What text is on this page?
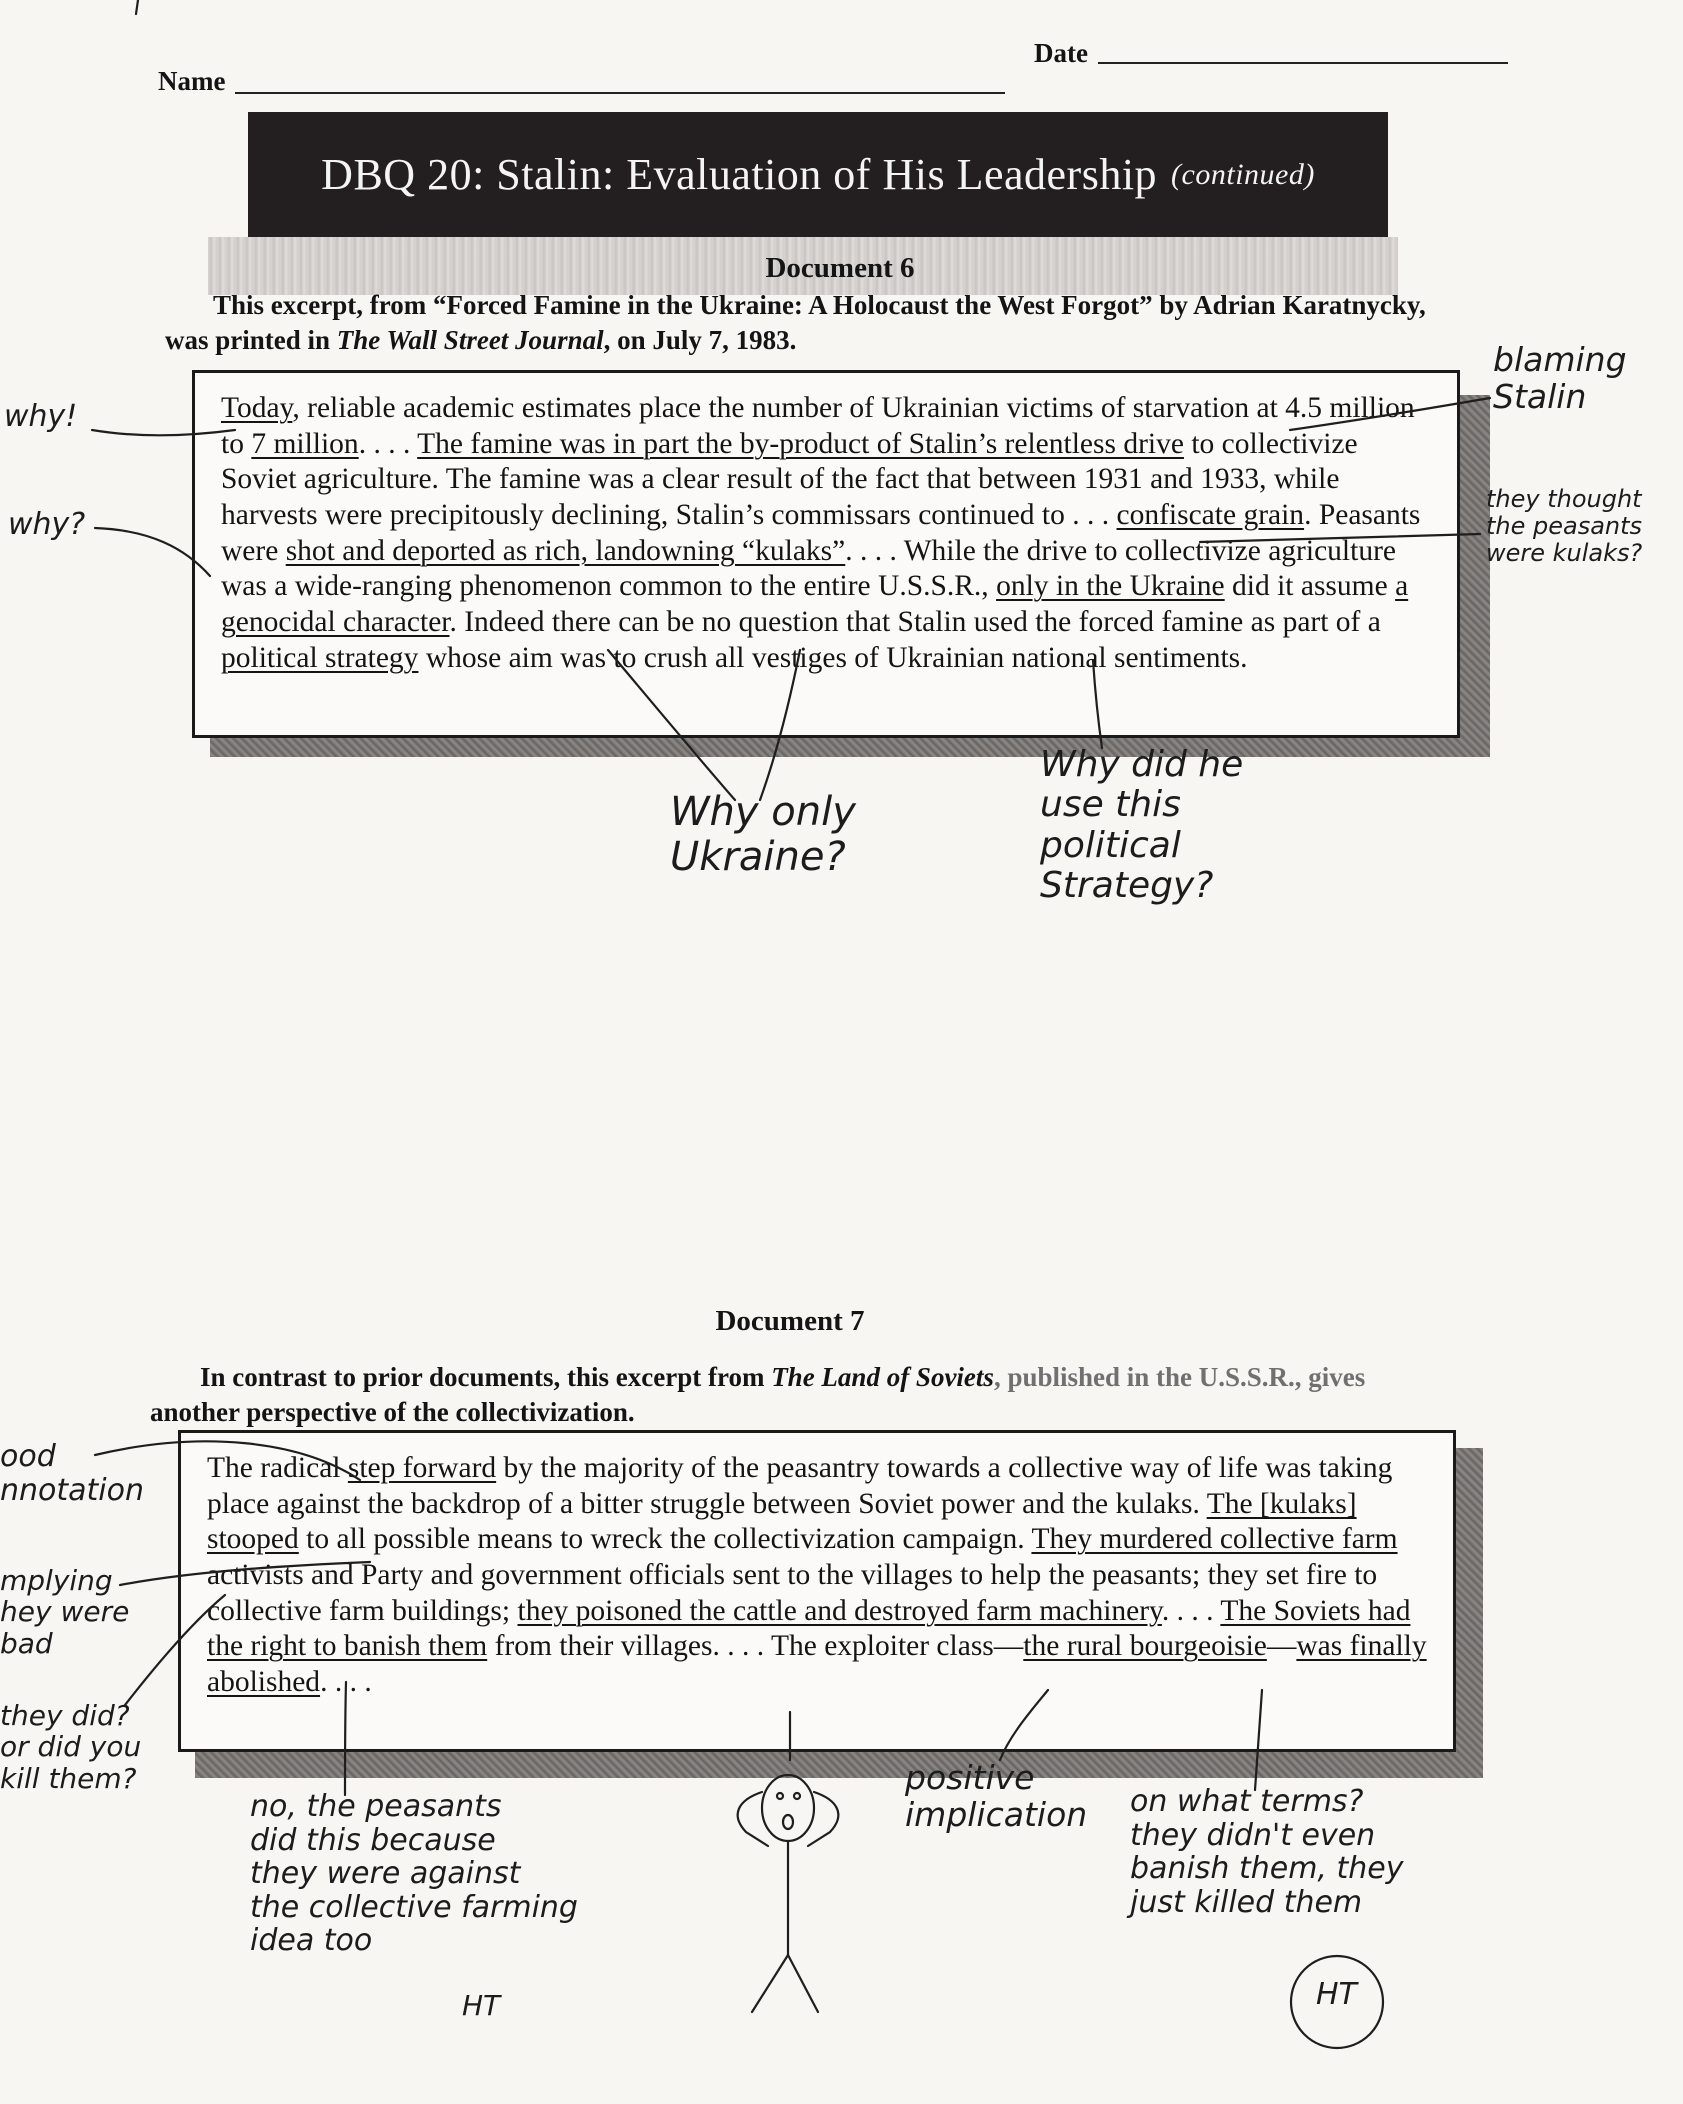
Name
Date
DBQ 20: Stalin: Evaluation of His Leadership (continued)
Document 6
This excerpt, from “Forced Famine in the Ukraine: A Holocaust the West Forgot” by Adrian Karatnycky,
was printed in The Wall Street Journal, on July 7, 1983.

Today, reliable academic estimates place the number of Ukrainian victims of starvation at 4.5 million to 7 million. . . . The famine was in part the by-product of Stalin’s relentless drive to collectivize Soviet agriculture. The famine was a clear result of the fact that between 1931 and 1933, while harvests were precipitously declining, Stalin’s commissars continued to . . . confiscate grain. Peasants were shot and deported as rich, landowning “kulaks”. . . . While the drive to collectivize agriculture was a wide-ranging phenomenon common to the entire U.S.S.R., only in the Ukraine did it assume a genocidal character. Indeed there can be no question that Stalin used the forced famine as part of a political strategy whose aim was to crush all vestiges of Ukrainian national sentiments.

Document 7
In contrast to prior documents, this excerpt from The Land of Soviets, published in the U.S.S.R., gives
another perspective of the collectivization.

The radical step forward by the majority of the peasantry towards a collective way of life was taking place against the backdrop of a bitter struggle between Soviet power and the kulaks. The [kulaks] stooped to all possible means to wreck the collectivization campaign. They murdered collective farm activists and Party and government officials sent to the villages to help the peasants; they set fire to collective farm buildings; they poisoned the cattle and destroyed farm machinery. . . . The Soviets had the right to banish them from their villages. . . . The exploiter class—the rural bourgeoisie—was finally abolished. . . .

why!
why?
blaming
Stalin
they thought
the peasants
were kulaks?
Why only
Ukraine?
Why did he
use this
political
Strategy?
ood
nnotation
mplying
hey were
bad
they did?
or did you
kill them?
no, the peasants
did this because
they were against
the collective farming
idea too
HT
positive
implication on what terms?
they didn't even
banish them, they
just killed them
HT
